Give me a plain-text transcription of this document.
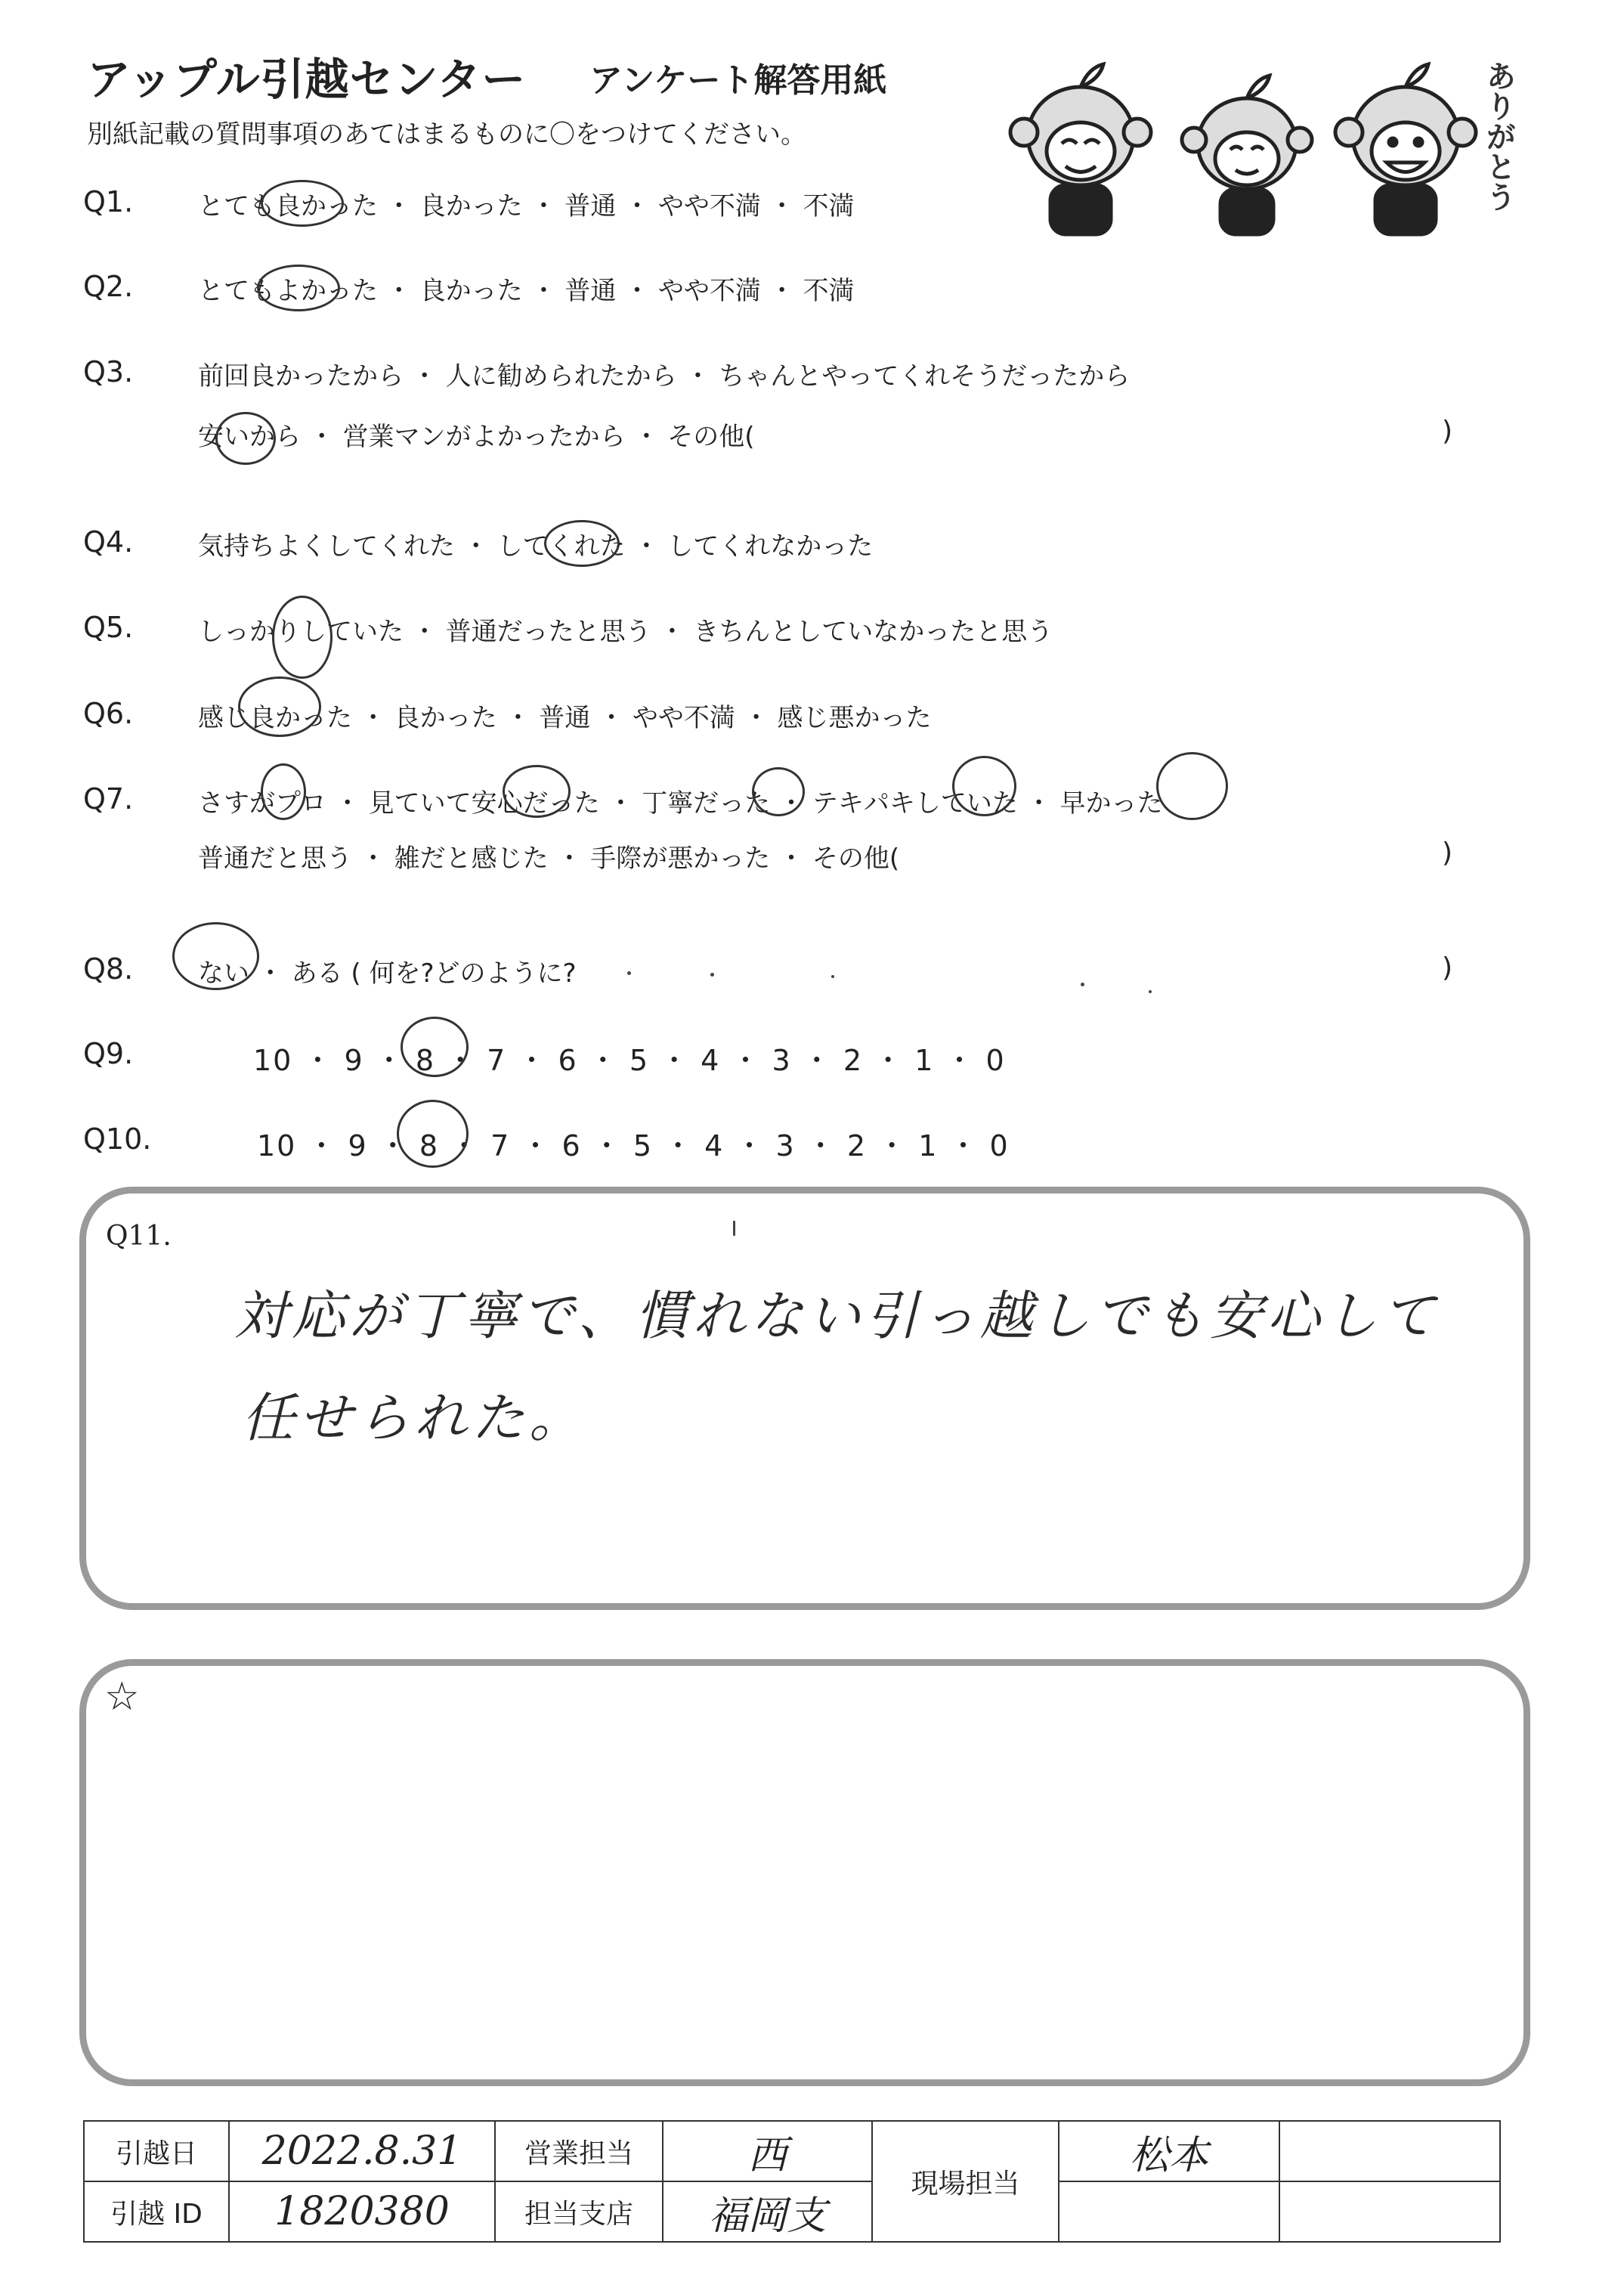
アップル引越センター アンケート解答用紙
別紙記載の質問事項のあてはまるものに〇をつけてください。	ありがとう
Q1.	とても良かった ・ 良かった ・ 普通 ・ やや不満 ・ 不満
Q2.	とてもよかった ・ 良かった ・ 普通 ・ やや不満 ・ 不満
Q3.	前回良かったから ・ 人に勧められたから ・ ちゃんとやってくれそうだったから
安いから ・ 営業マンがよかったから ・ その他(	)
Q4.	気持ちよくしてくれた ・ してくれた ・ してくれなかった
Q5.	しっかりしていた ・ 普通だったと思う ・ きちんとしていなかったと思う
Q6.	感じ良かった ・ 良かった ・ 普通 ・ やや不満 ・ 感じ悪かった
Q7.	さすがプロ ・ 見ていて安心だった ・ 丁寧だった ・ テキパキしていた ・ 早かった
普通だと思う ・ 雑だと感じた ・ 手際が悪かった ・ その他(	)
Q8.	ない ・ ある ( 何を?どのように?	)
Q9.	10 ・ 9 ・ 8 ・ 7 ・ 6 ・ 5 ・ 4 ・ 3 ・ 2 ・ 1 ・ 0
Q10.	10 ・ 9 ・ 8 ・ 7 ・ 6 ・ 5 ・ 4 ・ 3 ・ 2 ・ 1 ・ 0
Q11.
対応が丁寧で、慣れない引っ越しでも安心して
任せられた。
☆
引越日	2022.8.31	営業担当	西	現場担当	松本	
引越 ID	1820380	担当支店	福岡支			
